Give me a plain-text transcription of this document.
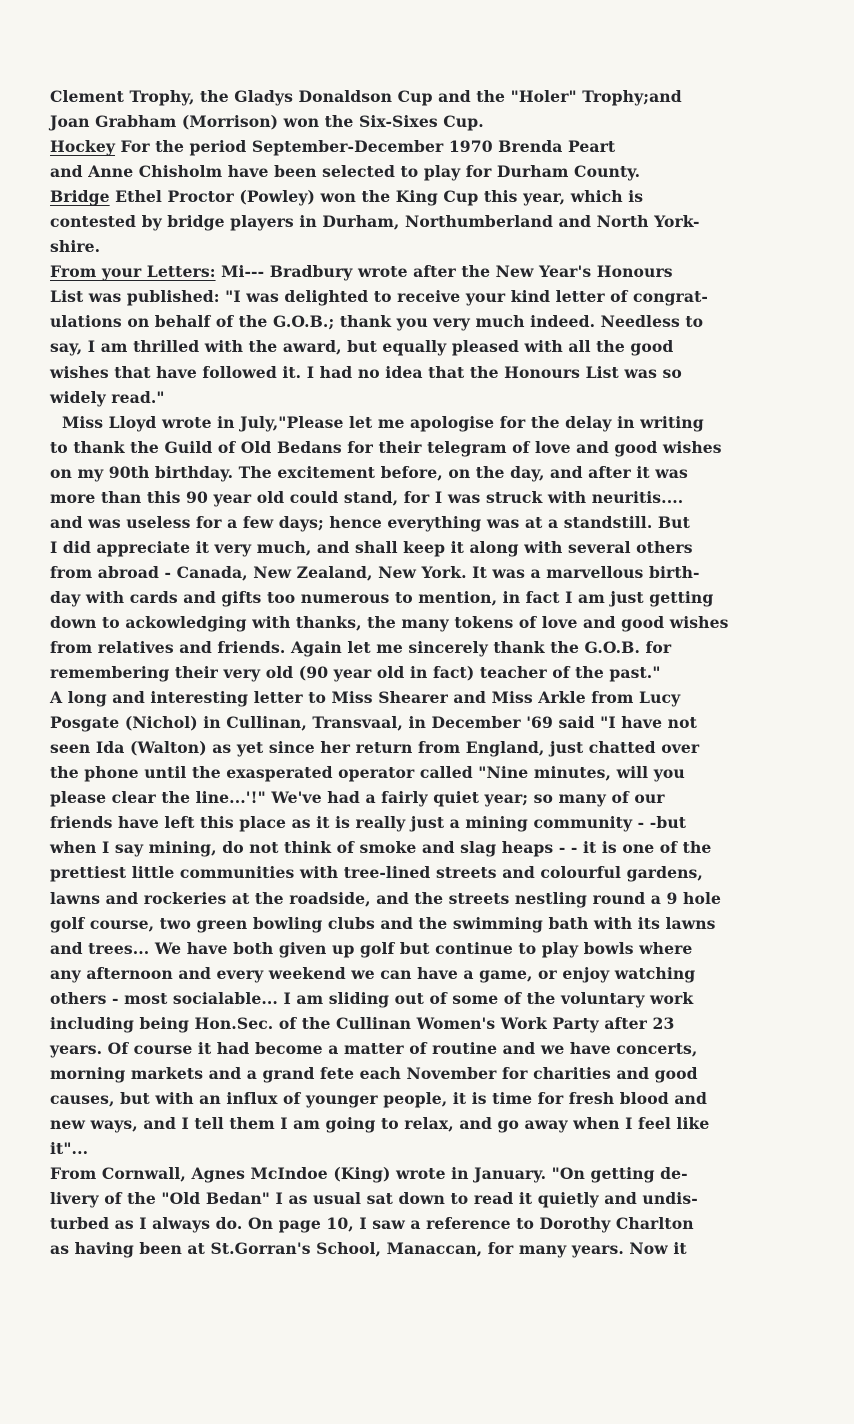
Clement Trophy, the Gladys Donaldson Cup and the "Holer" Trophy;and
Joan Grabham (Morrison) won the Six-Sixes Cup.
Hockey For the period September-December 1970 Brenda Peart
and Anne Chisholm have been selected to play for Durham County.
Bridge Ethel Proctor (Powley) won the King Cup this year, which is
contested by bridge players in Durham, Northumberland and North York-
shire.
From your Letters: Mi--- Bradbury wrote after the New Year's Honours
List was published: "I was delighted to receive your kind letter of congrat-
ulations on behalf of the G.O.B.; thank you very much indeed. Needless to
say, I am thrilled with the award, but equally pleased with all the good
wishes that have followed it. I had no idea that the Honours List was so
widely read."
Miss Lloyd wrote in July,"Please let me apologise for the delay in writing
to thank the Guild of Old Bedans for their telegram of love and good wishes
on my 90th birthday. The excitement before, on the day, and after it was
more than this 90 year old could stand, for I was struck with neuritis....
and was useless for a few days; hence everything was at a standstill. But
I did appreciate it very much, and shall keep it along with several others
from abroad - Canada, New Zealand, New York. It was a marvellous birth-
day with cards and gifts too numerous to mention, in fact I am just getting
down to ackowledging with thanks, the many tokens of love and good wishes
from relatives and friends. Again let me sincerely thank the G.O.B. for
remembering their very old (90 year old in fact) teacher of the past."
A long and interesting letter to Miss Shearer and Miss Arkle from Lucy
Posgate (Nichol) in Cullinan, Transvaal, in December '69 said "I have not
seen Ida (Walton) as yet since her return from England, just chatted over
the phone until the exasperated operator called "Nine minutes, will you
please clear the line...'!" We've had a fairly quiet year; so many of our
friends have left this place as it is really just a mining community - -but
when I say mining, do not think of smoke and slag heaps - - it is one of the
prettiest little communities with tree-lined streets and colourful gardens,
lawns and rockeries at the roadside, and the streets nestling round a 9 hole
golf course, two green bowling clubs and the swimming bath with its lawns
and trees... We have both given up golf but continue to play bowls where
any afternoon and every weekend we can have a game, or enjoy watching
others - most socialable... I am sliding out of some of the voluntary work
including being Hon.Sec. of the Cullinan Women's Work Party after 23
years. Of course it had become a matter of routine and we have concerts,
morning markets and a grand fete each November for charities and good
causes, but with an influx of younger people, it is time for fresh blood and
new ways, and I tell them I am going to relax, and go away when I feel like
it"...
From Cornwall, Agnes McIndoe (King) wrote in January. "On getting de-
livery of the "Old Bedan" I as usual sat down to read it quietly and undis-
turbed as I always do. On page 10, I saw a reference to Dorothy Charlton
as having been at St.Gorran's School, Manaccan, for many years. Now it
